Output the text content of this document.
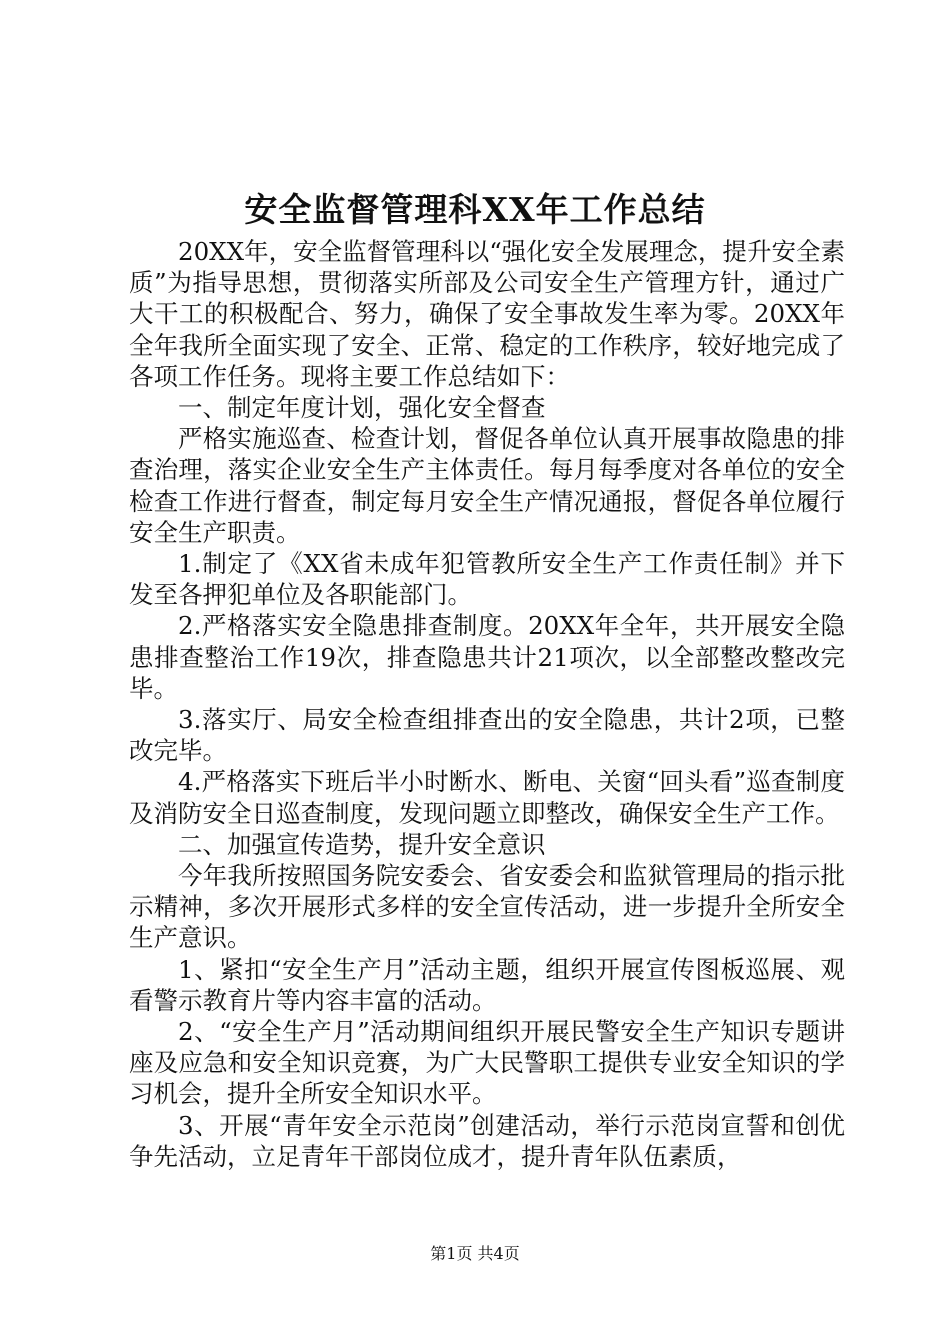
安全监督管理科XX年工作总结

20XX年，安全监督管理科以“强化安全发展理念，提升安全素质”为指导思想，贯彻落实所部及公司安全生产管理方针，通过广大干工的积极配合、努力，确保了安全事故发生率为零。20XX年全年我所全面实现了安全、正常、稳定的工作秩序，较好地完成了各项工作任务。现将主要工作总结如下：

一、制定年度计划，强化安全督查

严格实施巡查、检查计划，督促各单位认真开展事故隐患的排查治理，落实企业安全生产主体责任。每月每季度对各单位的安全检查工作进行督查，制定每月安全生产情况通报，督促各单位履行安全生产职责。

1.制定了《XX省未成年犯管教所安全生产工作责任制》并下发至各押犯单位及各职能部门。

2.严格落实安全隐患排查制度。20XX年全年，共开展安全隐患排查整治工作19次，排查隐患共计21项次，以全部整改整改完毕。

3.落实厅、局安全检查组排查出的安全隐患，共计2项，已整改完毕。

4.严格落实下班后半小时断水、断电、关窗“回头看”巡查制度及消防安全日巡查制度，发现问题立即整改，确保安全生产工作。

二、加强宣传造势，提升安全意识

今年我所按照国务院安委会、省安委会和监狱管理局的指示批示精神，多次开展形式多样的安全宣传活动，进一步提升全所安全生产意识。

1、紧扣“安全生产月”活动主题，组织开展宣传图板巡展、观看警示教育片等内容丰富的活动。

2、“安全生产月”活动期间组织开展民警安全生产知识专题讲座及应急和安全知识竞赛，为广大民警职工提供专业安全知识的学习机会，提升全所安全知识水平。

3、开展“青年安全示范岗”创建活动，举行示范岗宣誓和创优争先活动，立足青年干部岗位成才，提升青年队伍素质，

第1页 共4页
